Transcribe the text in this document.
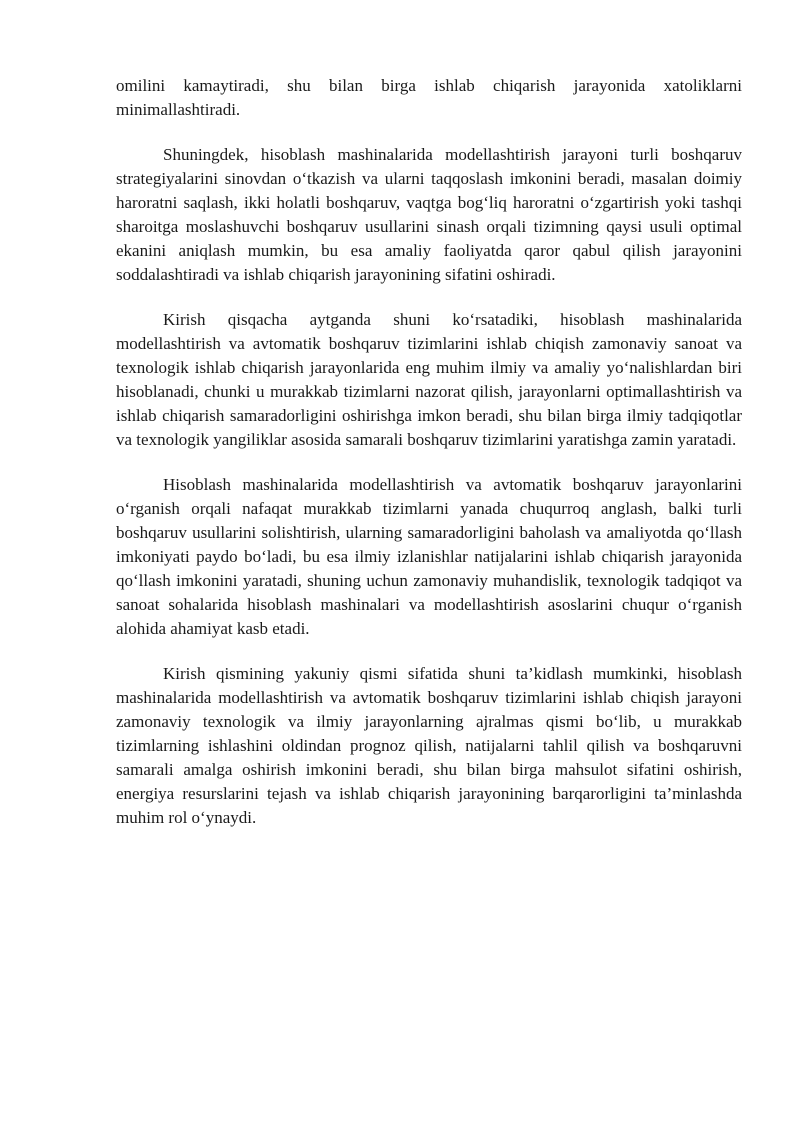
omilini kamaytiradi, shu bilan birga ishlab chiqarish jarayonida xatoliklarni minimallashtiradi.

Shuningdek, hisoblash mashinalarida modellashtirish jarayoni turli boshqaruv strategiyalarini sinovdan o‘tkazish va ularni taqqoslash imkonini beradi, masalan doimiy haroratni saqlash, ikki holatli boshqaruv, vaqtga bog‘liq haroratni o‘zgartirish yoki tashqi sharoitga moslashuvchi boshqaruv usullarini sinash orqali tizimning qaysi usuli optimal ekanini aniqlash mumkin, bu esa amaliy faoliyatda qaror qabul qilish jarayonini soddalashtiradi va ishlab chiqarish jarayonining sifatini oshiradi.

Kirish qisqacha aytganda shuni ko‘rsatadiki, hisoblash mashinalarida modellashtirish va avtomatik boshqaruv tizimlarini ishlab chiqish zamonaviy sanoat va texnologik ishlab chiqarish jarayonlarida eng muhim ilmiy va amaliy yo‘nalishlardan biri hisoblanadi, chunki u murakkab tizimlarni nazorat qilish, jarayonlarni optimallashtirish va ishlab chiqarish samaradorligini oshirishga imkon beradi, shu bilan birga ilmiy tadqiqotlar va texnologik yangiliklar asosida samarali boshqaruv tizimlarini yaratishga zamin yaratadi.

Hisoblash mashinalarida modellashtirish va avtomatik boshqaruv jarayonlarini o‘rganish orqali nafaqat murakkab tizimlarni yanada chuqurroq anglash, balki turli boshqaruv usullarini solishtirish, ularning samaradorligini baholash va amaliyotda qo‘llash imkoniyati paydo bo‘ladi, bu esa ilmiy izlanishlar natijalarini ishlab chiqarish jarayonida qo‘llash imkonini yaratadi, shuning uchun zamonaviy muhandislik, texnologik tadqiqot va sanoat sohalarida hisoblash mashinalari va modellashtirish asoslarini chuqur o‘rganish alohida ahamiyat kasb etadi.

Kirish qismining yakuniy qismi sifatida shuni ta’kidlash mumkinki, hisoblash mashinalarida modellashtirish va avtomatik boshqaruv tizimlarini ishlab chiqish jarayoni zamonaviy texnologik va ilmiy jarayonlarning ajralmas qismi bo‘lib, u murakkab tizimlarning ishlashini oldindan prognoz qilish, natijalarni tahlil qilish va boshqaruvni samarali amalga oshirish imkonini beradi, shu bilan birga mahsulot sifatini oshirish, energiya resurslarini tejash va ishlab chiqarish jarayonining barqarorligini ta’minlashda muhim rol o‘ynaydi.
